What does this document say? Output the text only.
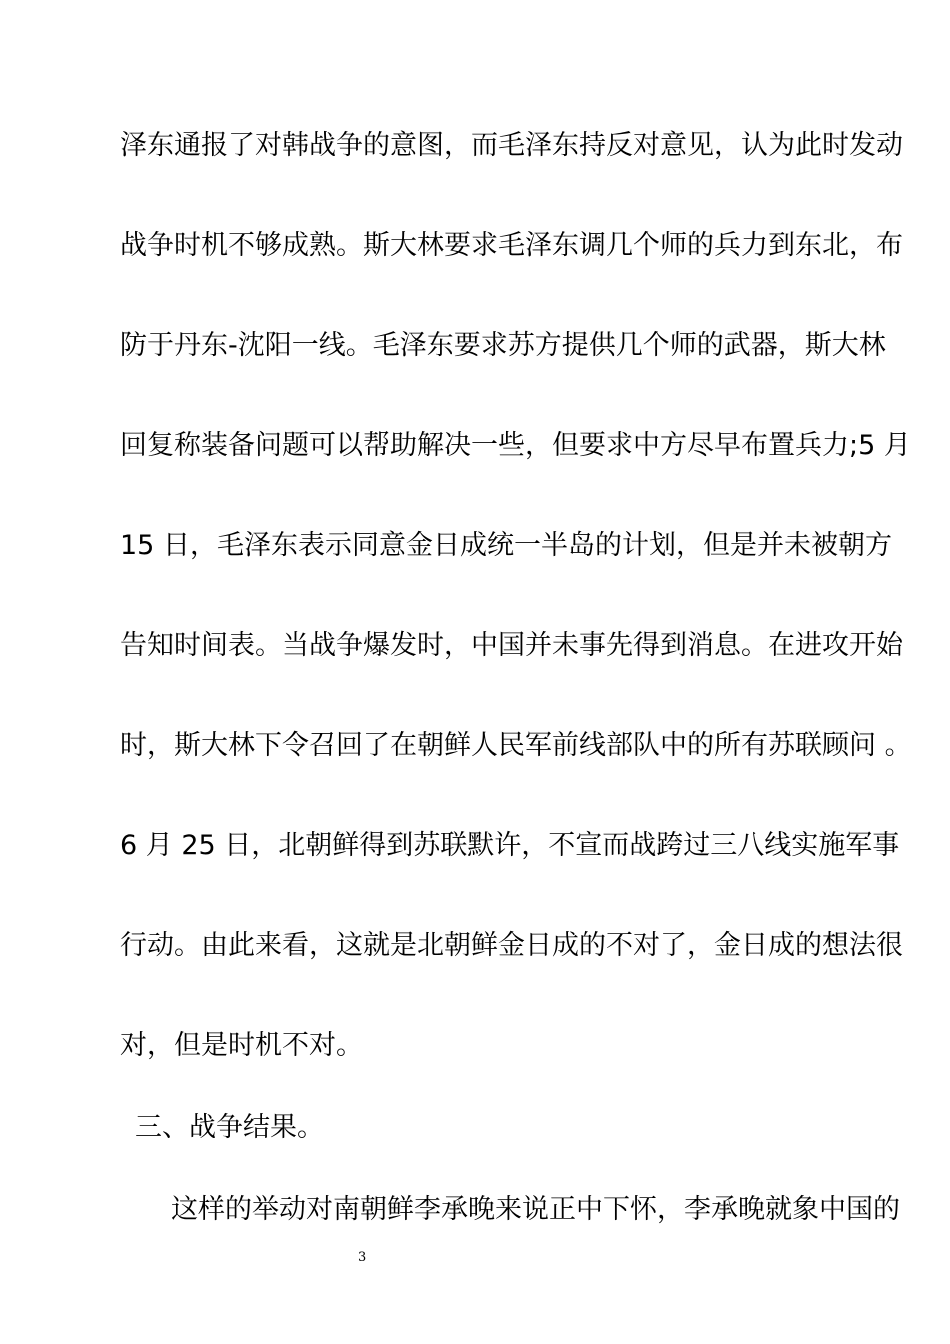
泽东通报了对韩战争的意图，而毛泽东持反对意见，认为此时发动
战争时机不够成熟。斯大林要求毛泽东调几个师的兵力到东北，布
防于丹东-沈阳一线。毛泽东要求苏方提供几个师的武器，斯大林
回复称装备问题可以帮助解决一些，但要求中方尽早布置兵力;5 月
15 日，毛泽东表示同意金日成统一半岛的计划，但是并未被朝方
告知时间表。当战争爆发时，中国并未事先得到消息。在进攻开始
时，斯大林下令召回了在朝鲜人民军前线部队中的所有苏联顾问 。
6 月 25 日，北朝鲜得到苏联默许，不宣而战跨过三八线实施军事
行动。由此来看，这就是北朝鲜金日成的不对了，金日成的想法很
对，但是时机不对。
三、战争结果。
这样的举动对南朝鲜李承晚来说正中下怀，李承晚就象中国的
3
